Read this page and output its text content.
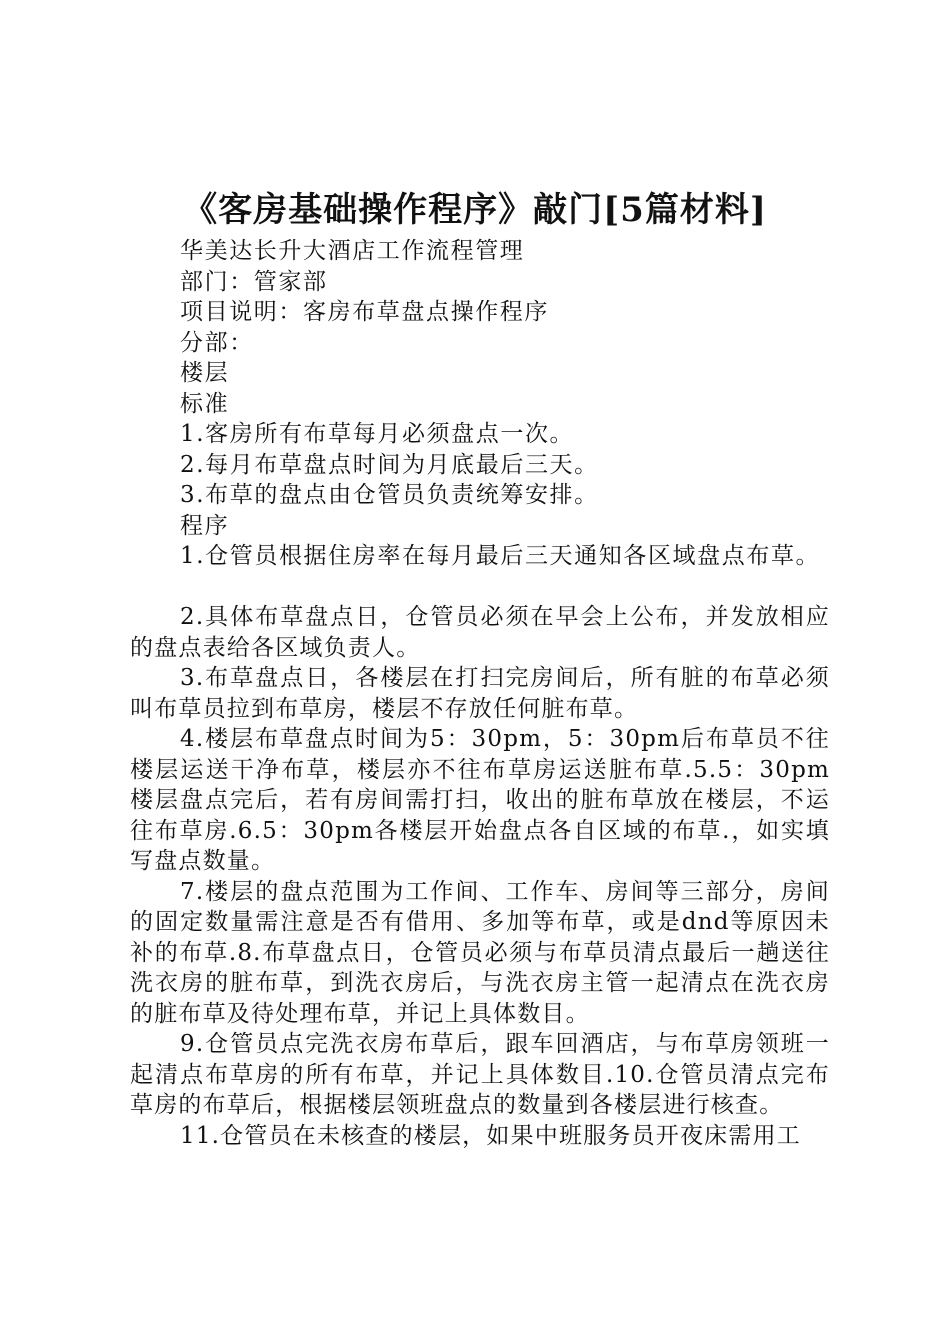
《客房基础操作程序》敲门[5篇材料]
华美达长升大酒店工作流程管理
部门：管家部
项目说明：客房布草盘点操作程序
分部：
楼层
标准
1.客房所有布草每月必须盘点一次。
2.每月布草盘点时间为月底最后三天。
3.布草的盘点由仓管员负责统筹安排。
程序
1.仓管员根据住房率在每月最后三天通知各区域盘点布草。

2.具体布草盘点日，仓管员必须在早会上公布，并发放相应的盘点表给各区域负责人。

3.布草盘点日，各楼层在打扫完房间后，所有脏的布草必须叫布草员拉到布草房，楼层不存放任何脏布草。

4.楼层布草盘点时间为5：30pm，5：30pm后布草员不往楼层运送干净布草，楼层亦不往布草房运送脏布草.5.5：30pm楼层盘点完后，若有房间需打扫，收出的脏布草放在楼层，不运往布草房.6.5：30pm各楼层开始盘点各自区域的布草.，如实填写盘点数量。

7.楼层的盘点范围为工作间、工作车、房间等三部分，房间的固定数量需注意是否有借用、多加等布草，或是dnd等原因未补的布草.8.布草盘点日，仓管员必须与布草员清点最后一趟送往洗衣房的脏布草，到洗衣房后，与洗衣房主管一起清点在洗衣房的脏布草及待处理布草，并记上具体数目。

9.仓管员点完洗衣房布草后，跟车回酒店，与布草房领班一起清点布草房的所有布草，并记上具体数目.10.仓管员清点完布草房的布草后，根据楼层领班盘点的数量到各楼层进行核查。

11.仓管员在未核查的楼层，如果中班服务员开夜床需用工
